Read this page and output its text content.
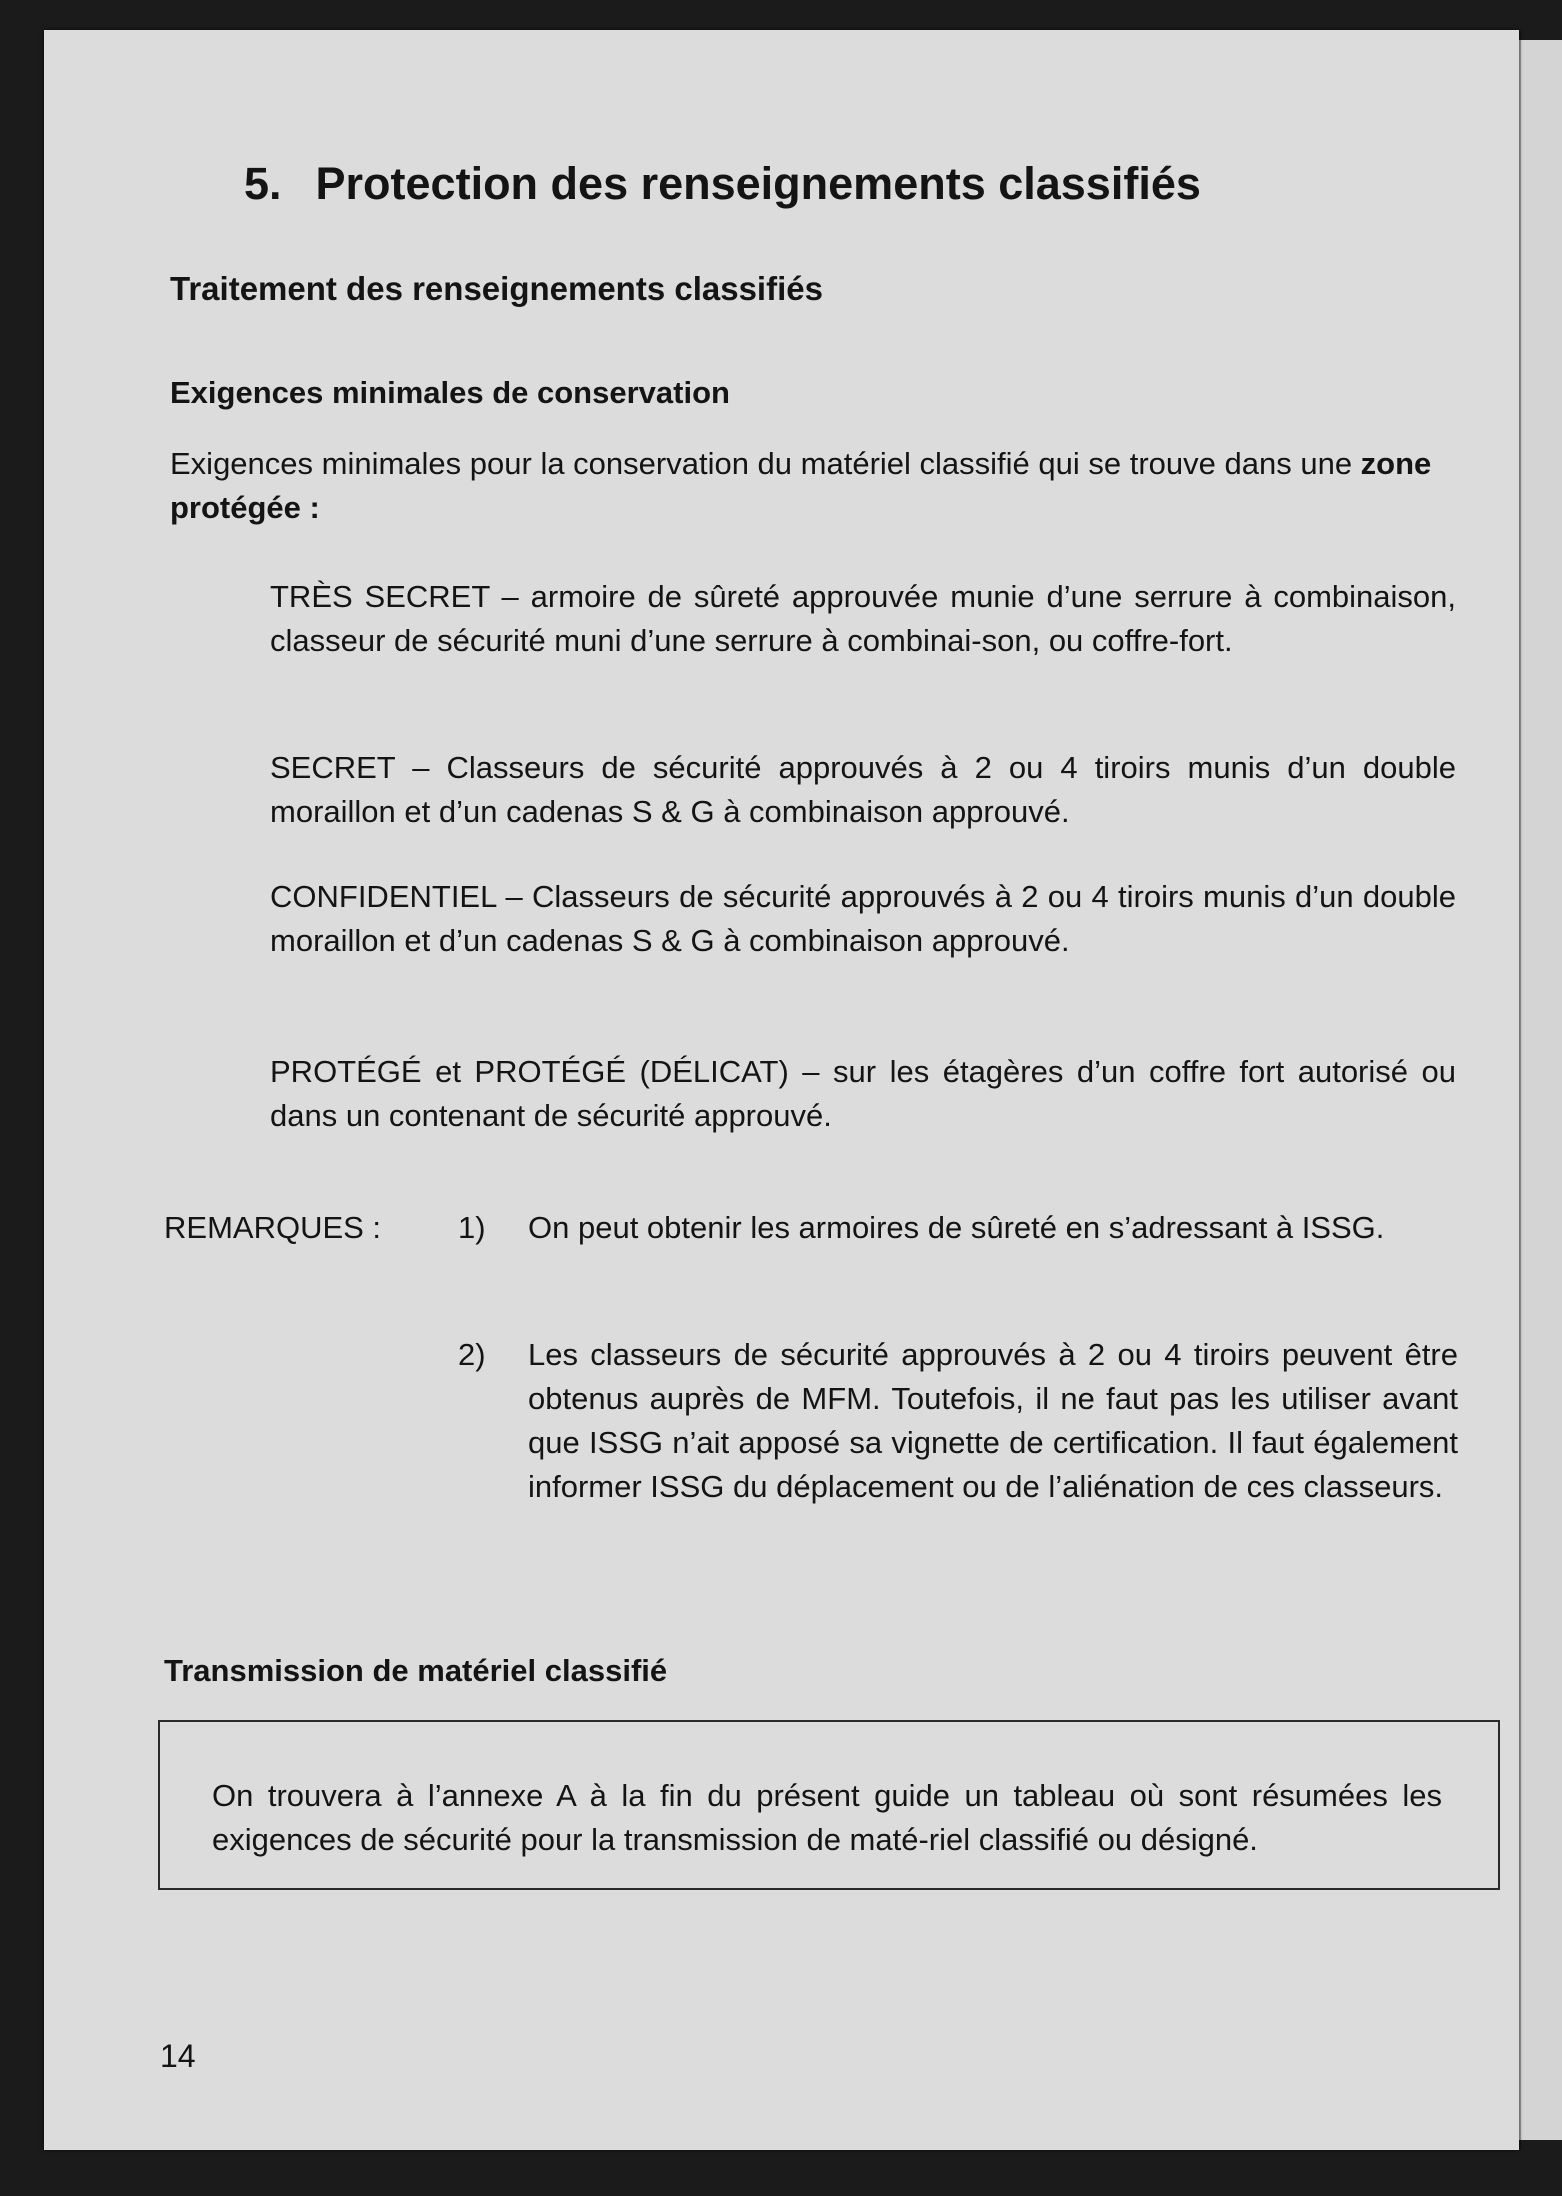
5. Protection des renseignements classifiés
Traitement des renseignements classifiés
Exigences minimales de conservation

Exigences minimales pour la conservation du matériel classifié qui se trouve dans une zone protégée :

TRÈS SECRET – armoire de sûreté approuvée munie d’une serrure à combinaison, classeur de sécurité muni d’une serrure à combinai-son, ou coffre-fort.

SECRET – Classeurs de sécurité approuvés à 2 ou 4 tiroirs munis d’un double moraillon et d’un cadenas S & G à combinaison approuvé.

CONFIDENTIEL – Classeurs de sécurité approuvés à 2 ou 4 tiroirs munis d’un double moraillon et d’un cadenas S & G à combinaison approuvé.

PROTÉGÉ et PROTÉGÉ (DÉLICAT) – sur les étagères d’un coffre fort autorisé ou dans un contenant de sécurité approuvé.

REMARQUES : 1) On peut obtenir les armoires de sûreté en s’adressant à ISSG.

2) Les classeurs de sécurité approuvés à 2 ou 4 tiroirs peuvent être obtenus auprès de MFM. Toutefois, il ne faut pas les utiliser avant que ISSG n’ait apposé sa vignette de certification. Il faut également informer ISSG du déplacement ou de l’aliénation de ces classeurs.

Transmission de matériel classifié
On trouvera à l’annexe A à la fin du présent guide un tableau où sont résumées les exigences de sécurité pour la transmission de maté-riel classifié ou désigné.
14
